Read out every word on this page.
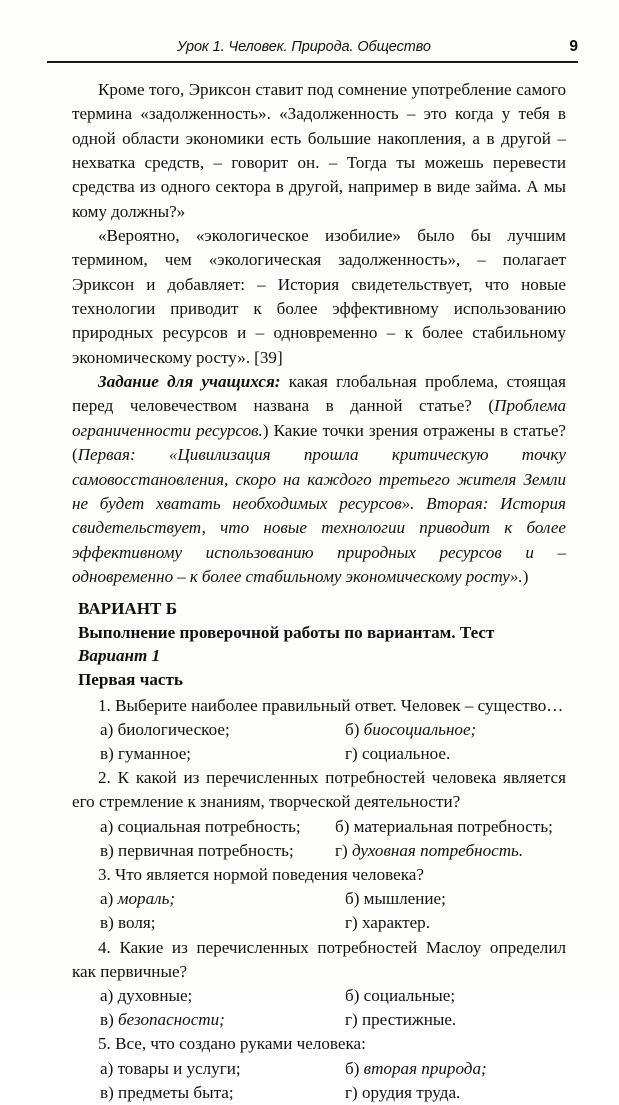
Урок 1. Человек. Природа. Общество	9

Кроме того, Эриксон ставит под сомнение употребление самого термина «задолженность». «Задолженность – это когда у тебя в одной области экономики есть большие накопления, а в другой – нехватка средств, – говорит он. – Тогда ты можешь перевести средства из одного сектора в другой, например в виде займа. А мы кому должны?»

«Вероятно, «экологическое изобилие» было бы лучшим термином, чем «экологическая задолженность», – полагает Эриксон и добавляет: – История свидетельствует, что новые технологии приводит к более эффективному использованию природных ресурсов и – одновременно – к более стабильному экономическому росту». [39]

Задание для учащихся: какая глобальная проблема, стоящая перед человечеством названа в данной статье? (Проблема ограниченности ресурсов.) Какие точки зрения отражены в статье? (Первая: «Цивилизация прошла критическую точку самовосстановления, скоро на каждого третьего жителя Земли не будет хватать необходимых ресурсов». Вторая: История свидетельствует, что новые технологии приводит к более эффективному использованию природных ресурсов и – одновременно – к более стабильному экономическому росту».)

ВАРИАНТ Б
Выполнение проверочной работы по вариантам. Тест
Вариант 1
Первая часть
1. Выберите наиболее правильный ответ. Человек – существо…
а) биологическое;	б) биосоциальное;
в) гуманное;	г) социальное.
2. К какой из перечисленных потребностей человека является его стремление к знаниям, творческой деятельности?
а) социальная потребность;	б) материальная потребность;
в) первичная потребность;	г) духовная потребность.
3. Что является нормой поведения человека?
а) мораль;	б) мышление;
в) воля;	г) характер.
4. Какие из перечисленных потребностей Маслоу определил как первичные?
а) духовные;	б) социальные;
в) безопасности;	г) престижные.
5. Все, что создано руками человека:
а) товары и услуги;	б) вторая природа;
в) предметы быта;	г) орудия труда.
